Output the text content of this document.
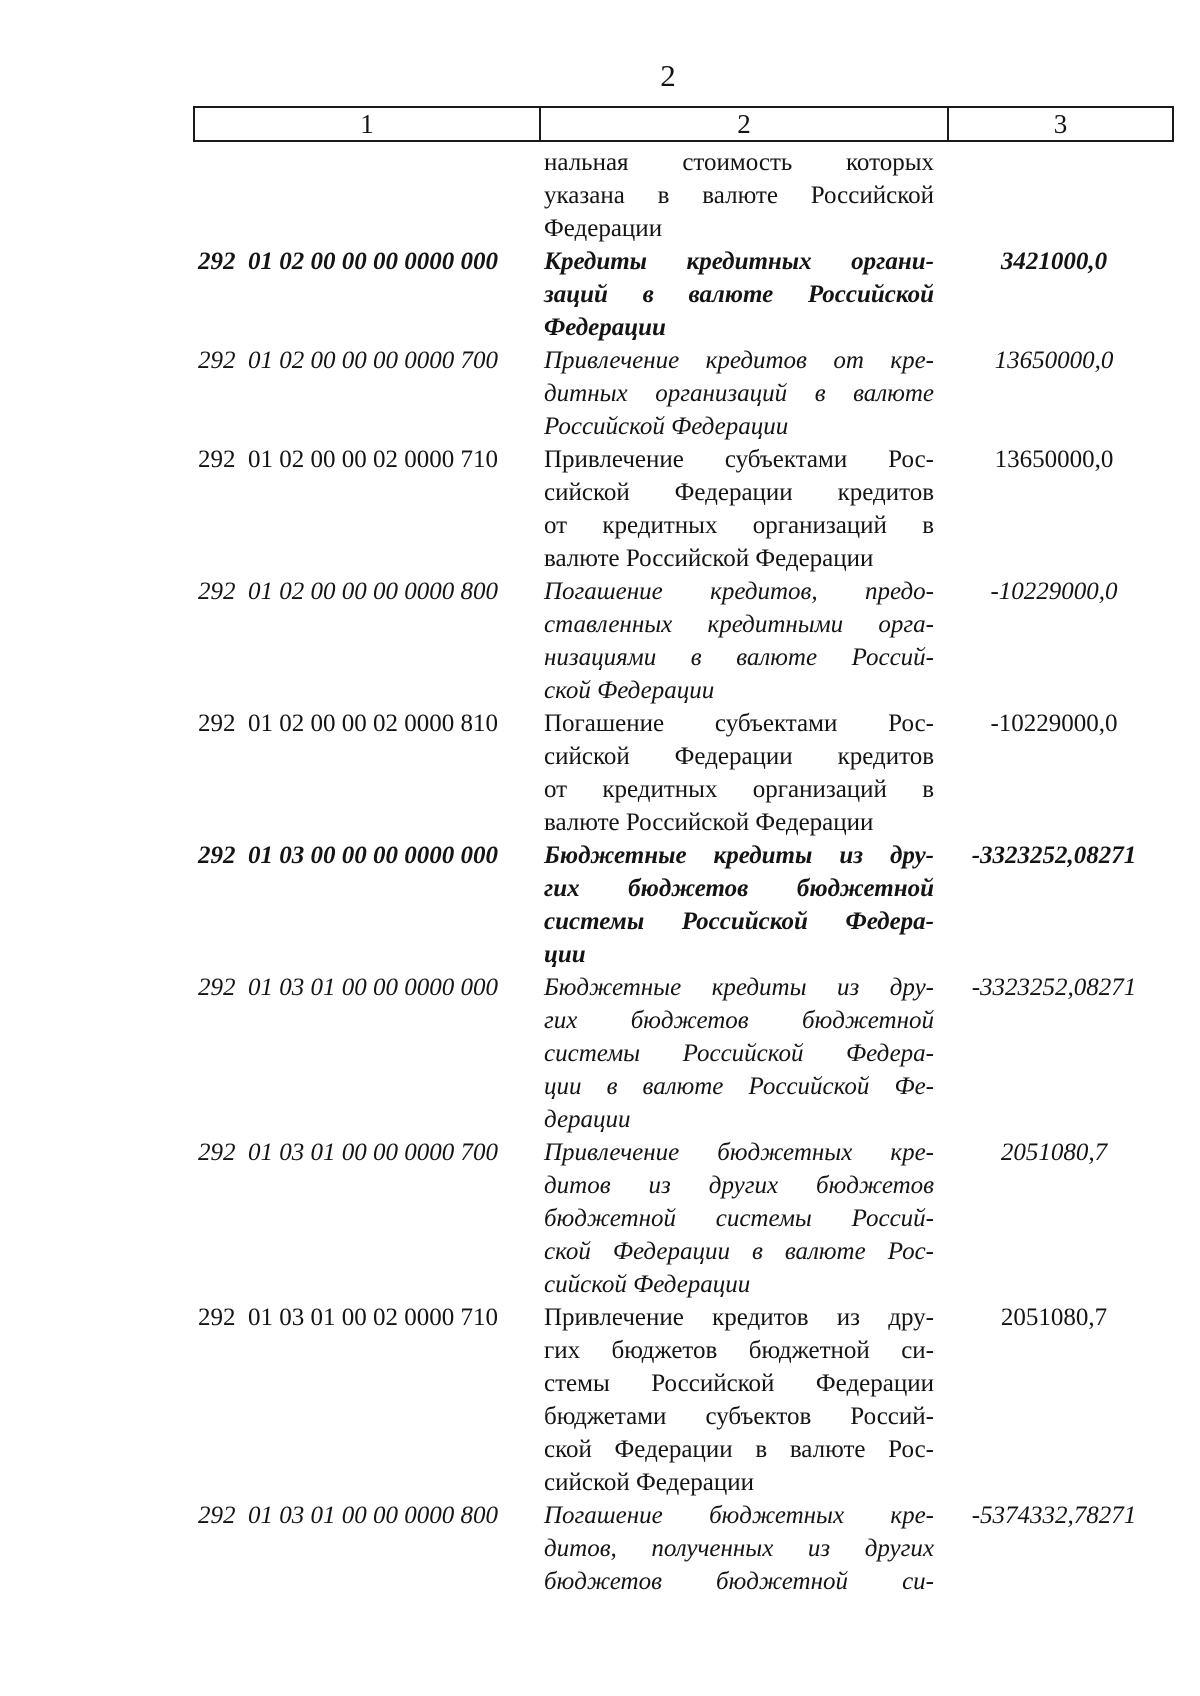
2
1	2	3
нальная стоимость которых
указана в валюте Российской
Федерации
292 01 02 00 00 00 0000 000	Кредиты кредитных органи-
заций в валюте Российской
Федерации
3421000,0
292 01 02 00 00 00 0000 700	Привлечение кредитов от кре-
дитных организаций в валюте
Российской Федерации
13650000,0
292 01 02 00 00 02 0000 710	Привлечение субъектами Рос-
сийской Федерации кредитов
от кредитных организаций в
валюте Российской Федерации
13650000,0
292 01 02 00 00 00 0000 800	Погашение кредитов, предо-
ставленных кредитными орга-
низациями в валюте Россий-
ской Федерации
-10229000,0
292 01 02 00 00 02 0000 810	Погашение субъектами Рос-
сийской Федерации кредитов
от кредитных организаций в
валюте Российской Федерации
-10229000,0
292 01 03 00 00 00 0000 000	Бюджетные кредиты из дру-
гих бюджетов бюджетной
системы Российской Федера-
ции
-3323252,08271
292 01 03 01 00 00 0000 000	Бюджетные кредиты из дру-
гих бюджетов бюджетной
системы Российской Федера-
ции в валюте Российской Фе-
дерации
-3323252,08271
292 01 03 01 00 00 0000 700	Привлечение бюджетных кре-
дитов из других бюджетов
бюджетной системы Россий-
ской Федерации в валюте Рос-
сийской Федерации
2051080,7
292 01 03 01 00 02 0000 710	Привлечение кредитов из дру-
гих бюджетов бюджетной си-
стемы Российской Федерации
бюджетами субъектов Россий-
ской Федерации в валюте Рос-
сийской Федерации
2051080,7
292 01 03 01 00 00 0000 800	Погашение бюджетных кре-
дитов, полученных из других
бюджетов бюджетной си-
-5374332,78271
